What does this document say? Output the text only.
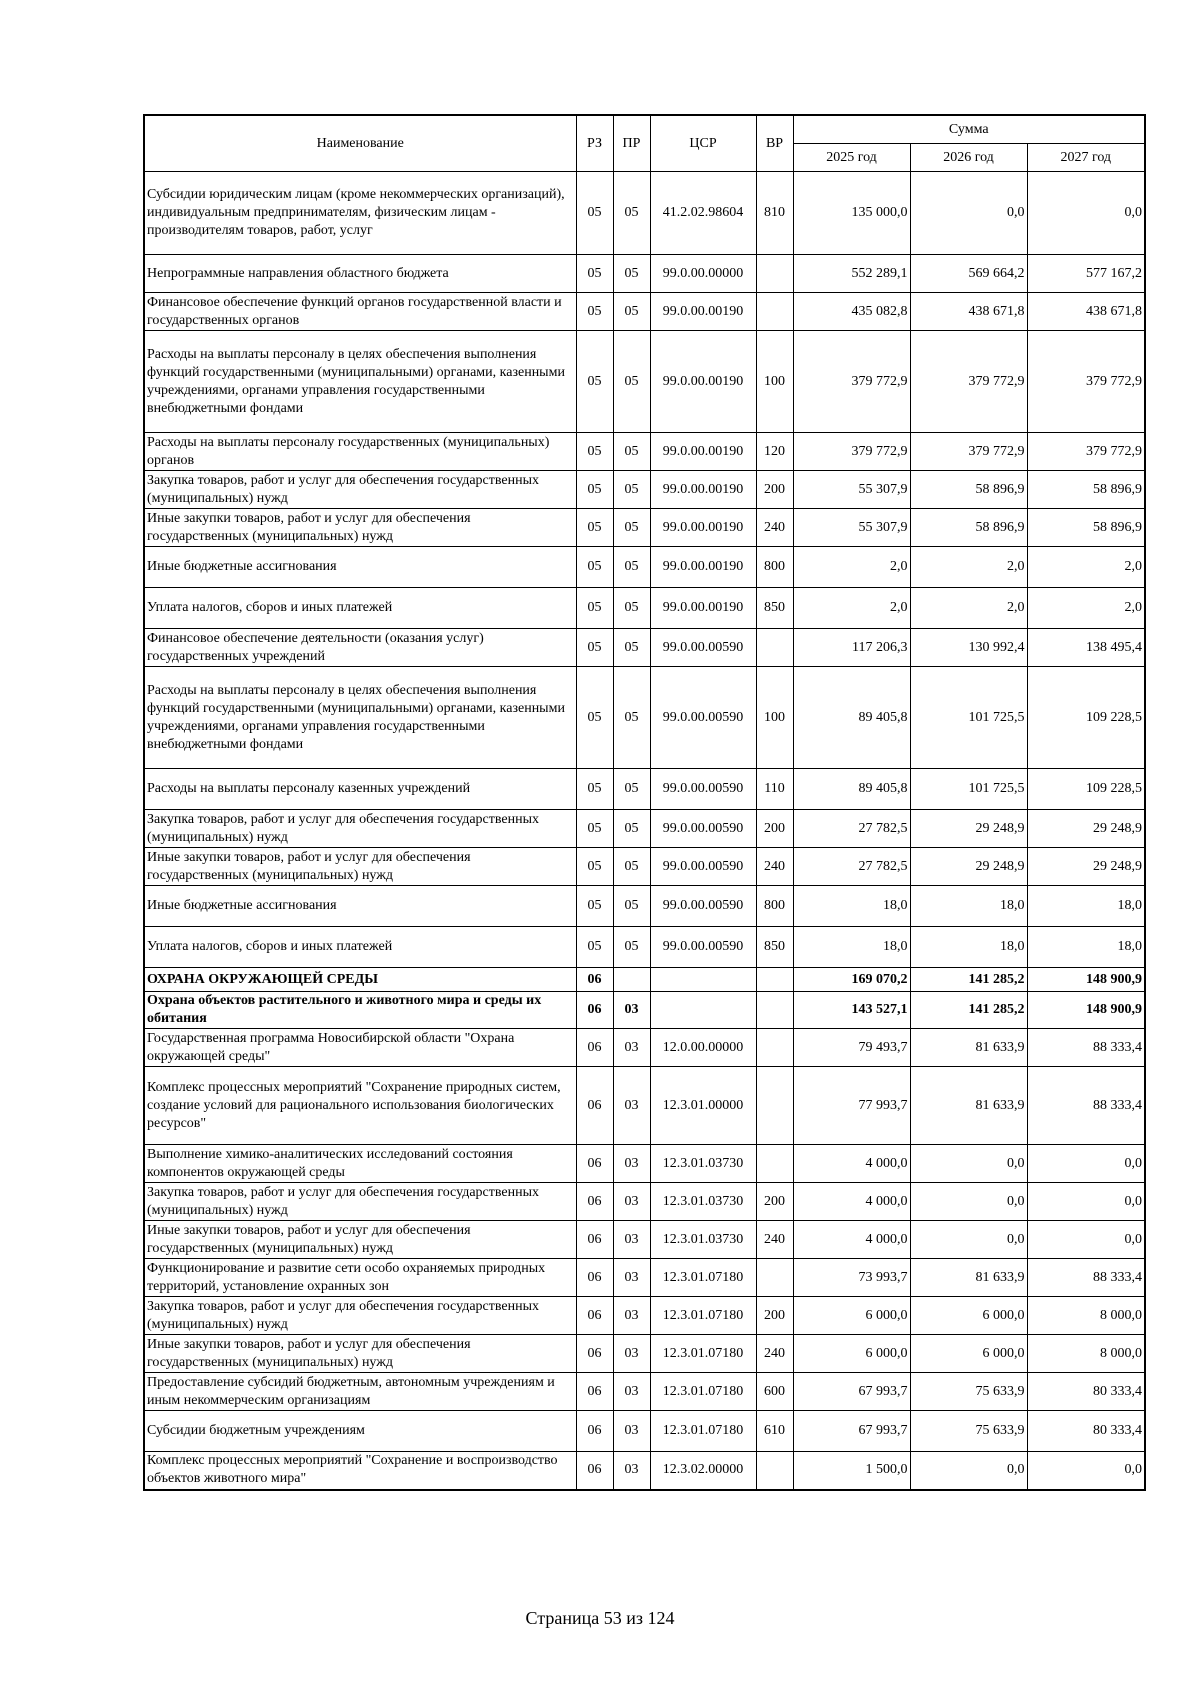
Наименование	РЗ	ПР	ЦСР	ВР	Сумма		
					2025 год	2026 год	2027 год
Субсидии юридическим лицам (кроме некоммерческих организаций), индивидуальным предпринимателям, физическим лицам - производителям товаров, работ, услуг	05	05	41.2.02.98604	810	135 000,0	0,0	0,0
Непрограммные направления областного бюджета	05	05	99.0.00.00000		552 289,1	569 664,2	577 167,2
Финансовое обеспечение функций органов государственной власти и государственных органов	05	05	99.0.00.00190		435 082,8	438 671,8	438 671,8
Расходы на выплаты персоналу в целях обеспечения выполнения функций государственными (муниципальными) органами, казенными учреждениями, органами управления государственными внебюджетными фондами	05	05	99.0.00.00190	100	379 772,9	379 772,9	379 772,9
Расходы на выплаты персоналу государственных (муниципальных) органов	05	05	99.0.00.00190	120	379 772,9	379 772,9	379 772,9
Закупка товаров, работ и услуг для обеспечения государственных (муниципальных) нужд	05	05	99.0.00.00190	200	55 307,9	58 896,9	58 896,9
Иные закупки товаров, работ и услуг для обеспечения государственных (муниципальных) нужд	05	05	99.0.00.00190	240	55 307,9	58 896,9	58 896,9
Иные бюджетные ассигнования	05	05	99.0.00.00190	800	2,0	2,0	2,0
Уплата налогов, сборов и иных платежей	05	05	99.0.00.00190	850	2,0	2,0	2,0
Финансовое обеспечение деятельности (оказания услуг) государственных учреждений	05	05	99.0.00.00590		117 206,3	130 992,4	138 495,4
Расходы на выплаты персоналу в целях обеспечения выполнения функций государственными (муниципальными) органами, казенными учреждениями, органами управления государственными внебюджетными фондами	05	05	99.0.00.00590	100	89 405,8	101 725,5	109 228,5
Расходы на выплаты персоналу казенных учреждений	05	05	99.0.00.00590	110	89 405,8	101 725,5	109 228,5
Закупка товаров, работ и услуг для обеспечения государственных (муниципальных) нужд	05	05	99.0.00.00590	200	27 782,5	29 248,9	29 248,9
Иные закупки товаров, работ и услуг для обеспечения государственных (муниципальных) нужд	05	05	99.0.00.00590	240	27 782,5	29 248,9	29 248,9
Иные бюджетные ассигнования	05	05	99.0.00.00590	800	18,0	18,0	18,0
Уплата налогов, сборов и иных платежей	05	05	99.0.00.00590	850	18,0	18,0	18,0
ОХРАНА ОКРУЖАЮЩЕЙ СРЕДЫ	06				169 070,2	141 285,2	148 900,9
Охрана объектов растительного и животного мира и среды их обитания	06	03			143 527,1	141 285,2	148 900,9
Государственная программа Новосибирской области "Охрана окружающей среды"	06	03	12.0.00.00000		79 493,7	81 633,9	88 333,4
Комплекс процессных мероприятий "Сохранение природных систем, создание условий для рационального использования биологических ресурсов"	06	03	12.3.01.00000		77 993,7	81 633,9	88 333,4
Выполнение химико-аналитических исследований состояния компонентов окружающей среды	06	03	12.3.01.03730		4 000,0	0,0	0,0
Закупка товаров, работ и услуг для обеспечения государственных (муниципальных) нужд	06	03	12.3.01.03730	200	4 000,0	0,0	0,0
Иные закупки товаров, работ и услуг для обеспечения государственных (муниципальных) нужд	06	03	12.3.01.03730	240	4 000,0	0,0	0,0
Функционирование и развитие сети особо охраняемых природных территорий, установление охранных зон	06	03	12.3.01.07180		73 993,7	81 633,9	88 333,4
Закупка товаров, работ и услуг для обеспечения государственных (муниципальных) нужд	06	03	12.3.01.07180	200	6 000,0	6 000,0	8 000,0
Иные закупки товаров, работ и услуг для обеспечения государственных (муниципальных) нужд	06	03	12.3.01.07180	240	6 000,0	6 000,0	8 000,0
Предоставление субсидий бюджетным, автономным учреждениям и иным некоммерческим организациям	06	03	12.3.01.07180	600	67 993,7	75 633,9	80 333,4
Субсидии бюджетным учреждениям	06	03	12.3.01.07180	610	67 993,7	75 633,9	80 333,4
Комплекс процессных мероприятий "Сохранение и воспроизводство объектов животного мира"	06	03	12.3.02.00000		1 500,0	0,0	0,0
Страница 53 из 124
